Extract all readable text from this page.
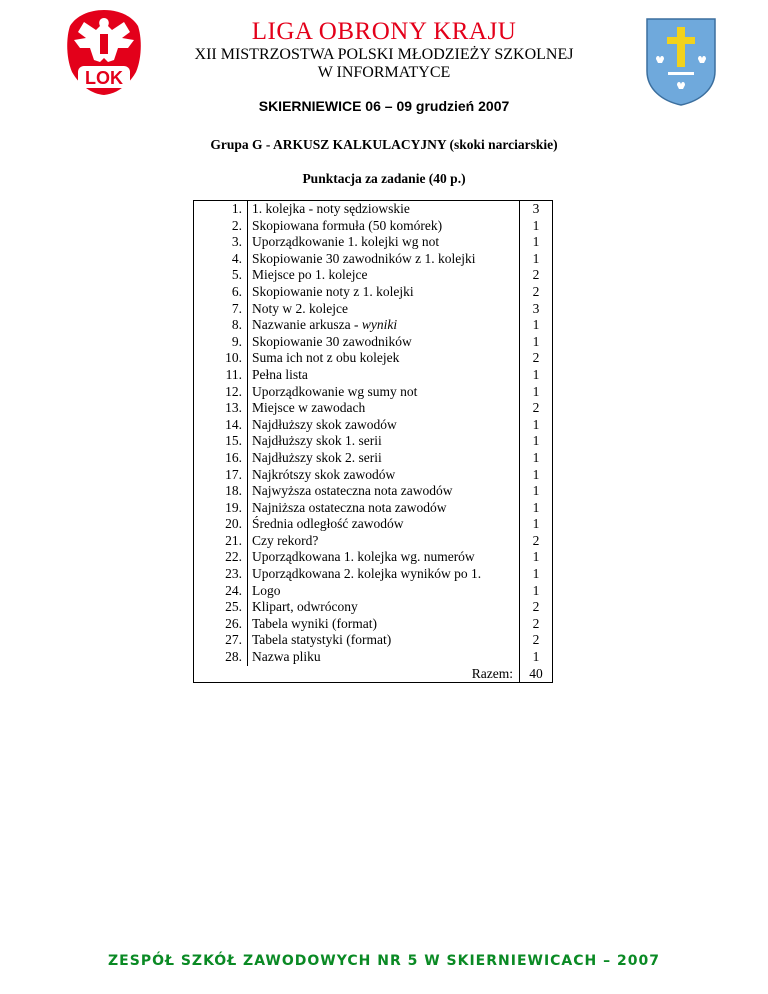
LOK
LIGA OBRONY KRAJU
XII MISTRZOSTWA POLSKI MŁODZIEŻY SZKOLNEJ
W INFORMATYCE
SKIERNIEWICE 06 – 09 grudzień 2007
Grupa G - ARKUSZ KALKULACYJNY (skoki narciarskie)
Punktacja za zadanie (40 p.)
1.	1. kolejka - noty sędziowskie	3
2.	Skopiowana formuła (50 komórek)	1
3.	Uporządkowanie 1. kolejki wg not	1
4.	Skopiowanie 30 zawodników z 1. kolejki	1
5.	Miejsce po 1. kolejce	2
6.	Skopiowanie noty z 1. kolejki	2
7.	Noty w 2. kolejce	3
8.	Nazwanie arkusza - wyniki	1
9.	Skopiowanie 30 zawodników	1
10.	Suma ich not z obu kolejek	2
11.	Pełna lista	1
12.	Uporządkowanie wg sumy not	1
13.	Miejsce w zawodach	2
14.	Najdłuższy skok zawodów	1
15.	Najdłuższy skok 1. serii	1
16.	Najdłuższy skok 2. serii	1
17.	Najkrótszy skok zawodów	1
18.	Najwyższa ostateczna nota zawodów	1
19.	Najniższa ostateczna nota zawodów	1
20.	Średnia odległość zawodów	1
21.	Czy rekord?	2
22.	Uporządkowana 1. kolejka wg. numerów	1
23.	Uporządkowana 2. kolejka wyników po 1.	1
24.	Logo	1
25.	Klipart, odwrócony	2
26.	Tabela wyniki (format)	2
27.	Tabela statystyki (format)	2
28.	Nazwa pliku	1
Razem:		40
ZESPÓŁ SZKÓŁ ZAWODOWYCH NR 5 W SKIERNIEWICACH – 2007
